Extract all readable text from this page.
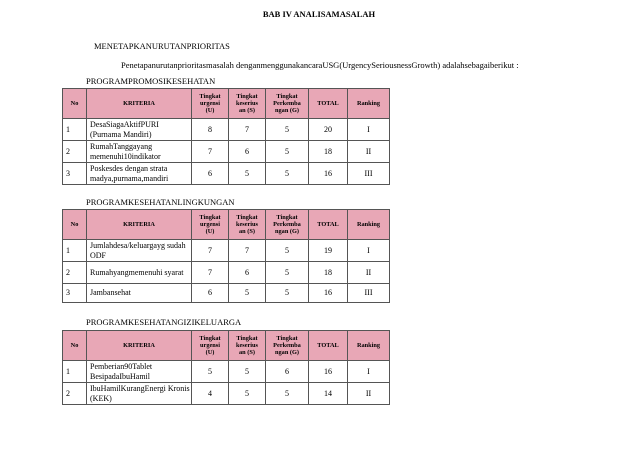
BAB IV ANALISAMASALAH
MENETAPKANURUTANPRIORITAS
Penetapanurutanprioritasmasalah denganmenggunakancaraUSG(UrgencySeriousnessGrowth) adalahsebagaiberikut :
PROGRAMPROMOSIKESEHATAN
No	KRITERIA	Tingkat
urgensi
(U)	Tingkat
keserius
an (S)	Tingkat
Perkemba
ngan (G)	TOTAL	Ranking
1	DesaSiagaAktifPURI (Purnama Mandiri)	8	7	5	20	I
2	RumahTanggayang memenuhi10indikator	7	6	5	18	II
3	Poskesdes dengan strata madya,purnama,mandiri	6	5	5	16	III
PROGRAMKESEHATANLINGKUNGAN
No	KRITERIA	Tingkat
urgensi
(U)	Tingkat
keserius
an (S)	Tingkat
Perkemba
ngan (G)	TOTAL	Ranking
1	Jumlahdesa/keluargayg sudah ODF	7	7	5	19	I
2	Rumahyangmemenuhi syarat	7	6	5	18	II
3	Jambansehat	6	5	5	16	III
PROGRAMKESEHATANGIZIKELUARGA
No	KRITERIA	Tingkat
urgensi
(U)	Tingkat
keserius
an (S)	Tingkat
Perkemba
ngan (G)	TOTAL	Ranking
1	Pemberian90Tablet BesipadaIbuHamil	5	5	6	16	I
2	IbuHamilKurangEnergi Kronis (KEK)	4	5	5	14	II
